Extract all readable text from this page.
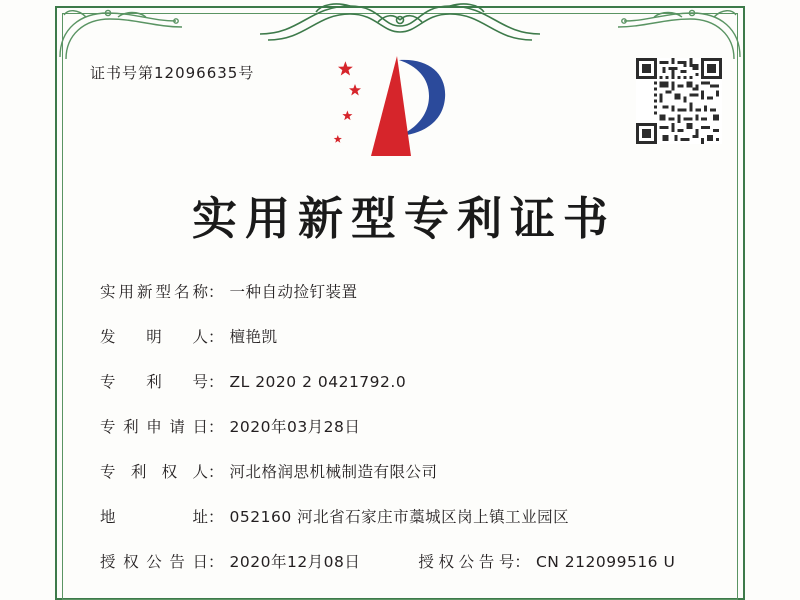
证书号第12096635号
实用新型专利证书
实用新型名称 ： 一种自动捡钉装置
发明人 ： 檀艳凯
专利号 ： ZL 2020 2 0421792.0
专利申请日 ： 2020年03月28日
专利权人 ： 河北格润思机械制造有限公司
地址 ： 052160 河北省石家庄市藁城区岗上镇工业园区
授权公告日 ： 2020年12月08日	授权公告号 ： CN 212099516 U
